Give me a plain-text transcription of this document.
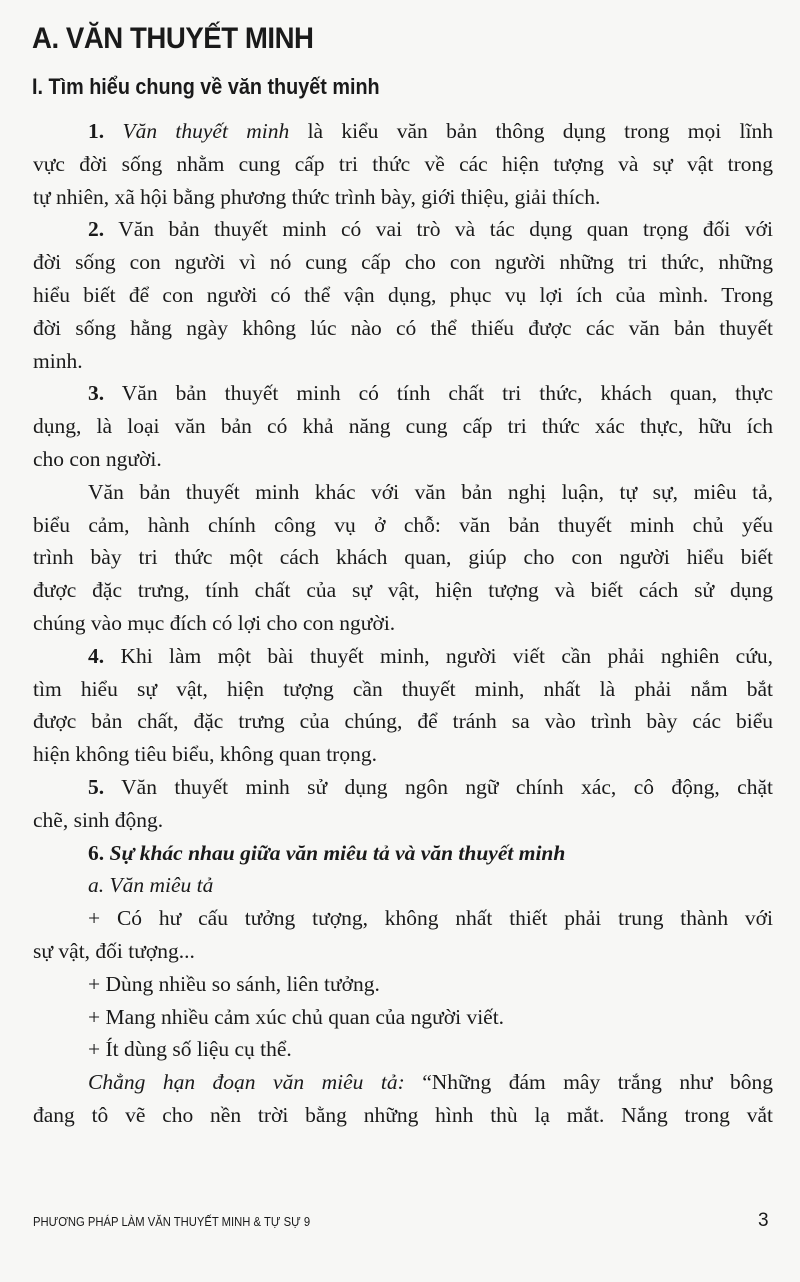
A. VĂN THUYẾT MINH
I. Tìm hiểu chung về văn thuyết minh
1. Văn thuyết minh là kiểu văn bản thông dụng trong mọi lĩnh
vực đời sống nhằm cung cấp tri thức về các hiện tượng và sự vật trong
tự nhiên, xã hội bằng phương thức trình bày, giới thiệu, giải thích.
2. Văn bản thuyết minh có vai trò và tác dụng quan trọng đối với
đời sống con người vì nó cung cấp cho con người những tri thức, những
hiểu biết để con người có thể vận dụng, phục vụ lợi ích của mình. Trong
đời sống hằng ngày không lúc nào có thể thiếu được các văn bản thuyết
minh.
3. Văn bản thuyết minh có tính chất tri thức, khách quan, thực
dụng, là loại văn bản có khả năng cung cấp tri thức xác thực, hữu ích
cho con người.
Văn bản thuyết minh khác với văn bản nghị luận, tự sự, miêu tả,
biểu cảm, hành chính công vụ ở chỗ: văn bản thuyết minh chủ yếu
trình bày tri thức một cách khách quan, giúp cho con người hiểu biết
được đặc trưng, tính chất của sự vật, hiện tượng và biết cách sử dụng
chúng vào mục đích có lợi cho con người.
4. Khi làm một bài thuyết minh, người viết cần phải nghiên cứu,
tìm hiểu sự vật, hiện tượng cần thuyết minh, nhất là phải nắm bắt
được bản chất, đặc trưng của chúng, để tránh sa vào trình bày các biểu
hiện không tiêu biểu, không quan trọng.
5. Văn thuyết minh sử dụng ngôn ngữ chính xác, cô động, chặt
chẽ, sinh động.
6. Sự khác nhau giữa văn miêu tả và văn thuyết minh
a. Văn miêu tả
+ Có hư cấu tưởng tượng, không nhất thiết phải trung thành với
sự vật, đối tượng...
+ Dùng nhiều so sánh, liên tưởng.
+ Mang nhiều cảm xúc chủ quan của người viết.
+ Ít dùng số liệu cụ thể.
Chẳng hạn đoạn văn miêu tả: “Những đám mây trắng như bông
đang tô vẽ cho nền trời bằng những hình thù lạ mắt. Nắng trong vắt
PHƯƠNG PHÁP LÀM VĂN THUYẾT MINH & TỰ SỰ 9	3
